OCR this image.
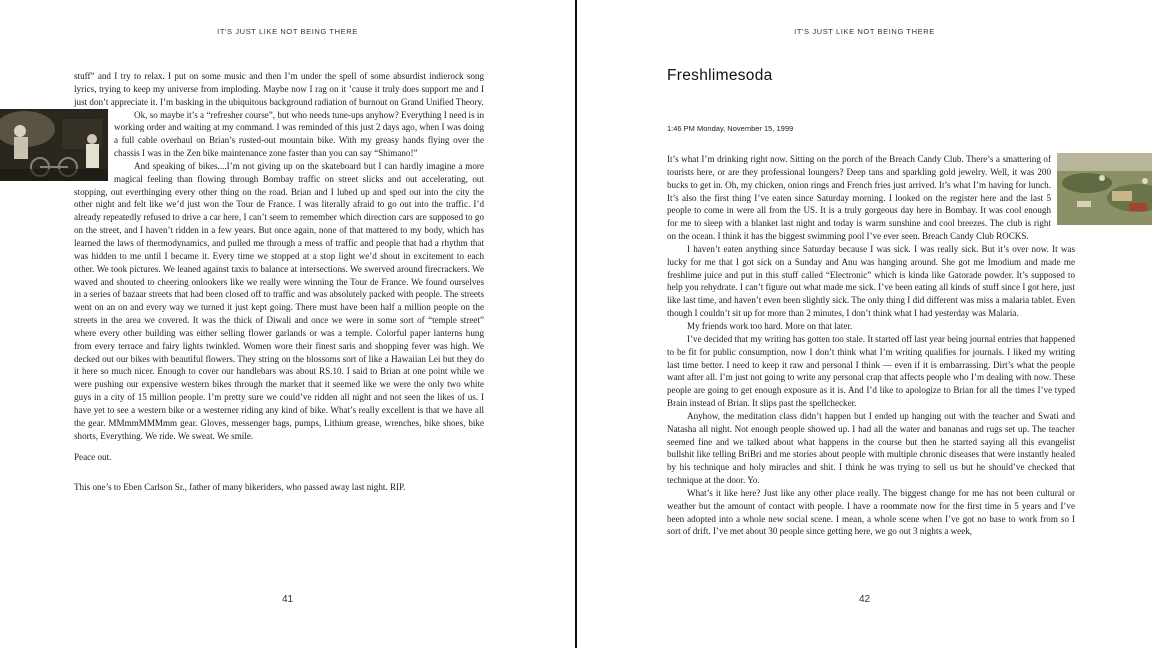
IT'S JUST LIKE NOT BEING THERE

stuff” and I try to relax. I put on some music and then I’m under the spell of some absurdist indierock song lyrics, trying to keep my universe from imploding. Maybe now I rag on it ’cause it truly does support me and I just don’t appreciate it. I’m basking in the ubiquitous background radiation of burnout on Grand Unified Theory.

Ok, so maybe it’s a “refresher course”, but who needs tune-ups anyhow? Everything I need is in working order and waiting at my command. I was reminded of this just 2 days ago, when I was doing a full cable overhaul on Brian’s rusted-out mountain bike. With my greasy hands flying over the chassis I was in the Zen bike maintenance zone faster than you can say “Shimano!”

And speaking of bikes....I’m not giving up on the skateboard but I can hardly imagine a more magical feeling than flowing through Bombay traffic on street slicks and out accelerating, out stopping, out everthinging every other thing on the road. Brian and I lubed up and sped out into the city the other night and felt like we’d just won the Tour de France. I was literally afraid to go out into the traffic. I’d already repeatedly refused to drive a car here, I can’t seem to remember which direction cars are supposed to go on the street, and I haven’t ridden in a few years. But once again, none of that mattered to my body, which has learned the laws of thermodynamics, and pulled me through a mess of traffic and people that had a rhythm that was hidden to me until I became it. Every time we stopped at a stop light we’d shout in excitement to each other. We took pictures. We leaned against taxis to balance at intersections. We swerved around firecrackers. We waved and shouted to cheering onlookers like we really were winning the Tour de France. We found ourselves in a series of bazaar streets that had been closed off to traffic and was absolutely packed with people. The streets went on an on and every way we turned it just kept going. There must have been half a million people on the streets in the area we covered. It was the thick of Diwali and once we were in some sort of “temple street” where every other building was either selling flower garlands or was a temple. Colorful paper lanterns hung from every terrace and fairy lights twinkled. Women wore their finest saris and shopping fever was high. We decked out our bikes with beautiful flowers. They string on the blossoms sort of like a Hawaiian Lei but they do it here so much nicer. Enough to cover our handlebars was about RS.10. I said to Brian at one point while we were pushing our expensive western bikes through the market that it seemed like we were the only two white guys in a city of 15 million people. I’m pretty sure we could’ve ridden all night and not seen the likes of us. I have yet to see a western bike or a westerner riding any kind of bike. What’s really excellent is that we have all the gear. MMmmMMMmm gear. Gloves, messenger bags, pumps, Lithium grease, wrenches, bike shoes, bike shorts, Everything. We ride. We sweat. We smile.

Peace out.

This one’s to Eben Carlson Sr., father of many bikeriders, who passed away last night. RIP.

41
IT'S JUST LIKE NOT BEING THERE
Freshlimesoda
1:46 PM Monday, November 15, 1999

It’s what I’m drinking right now. Sitting on the porch of the Breach Candy Club. There’s a smattering of tourists here, or are they professional loungers? Deep tans and sparkling gold jewelry. Well, it was 200 bucks to get in. Oh, my chicken, onion rings and French fries just arrived. It’s what I’m having for lunch. It’s also the first thing I’ve eaten since Saturday morning. I looked on the register here and the last 5 people to come in were all from the US. It is a truly gorgeous day here in Bombay. It was cool enough for me to sleep with a blanket last night and today is warm sunshine and cool breezes. The club is right on the ocean. I think it has the biggest swimming pool I’ve ever seen. Breach Candy Club ROCKS.

I haven’t eaten anything since Saturday because I was sick. I was really sick. But it’s over now. It was lucky for me that I got sick on a Sunday and Anu was hanging around. She got me Imodium and made me freshlime juice and put in this stuff called “Electronic” which is kinda like Gatorade powder. It’s supposed to help you rehydrate. I can’t figure out what made me sick. I’ve been eating all kinds of stuff since I got here, just like last time, and haven’t even been slightly sick. The only thing I did different was miss a malaria tablet. Even though I couldn’t sit up for more than 2 minutes, I don’t think what I had yesterday was Malaria.

My friends work too hard. More on that later.

I’ve decided that my writing has gotten too stale. It started off last year being journal entries that happened to be fit for public consumption, now I don’t think what I’m writing qualifies for journals. I liked my writing last time better. I need to keep it raw and personal I think — even if it is embarrassing. Dirt’s what the people want after all. I’m just not going to write any personal crap that affects people who I’m dealing with now. These people are going to get enough exposure as it is. And I’d like to apologize to Brian for all the times I’ve typed Brain instead of Brian. It slips past the spellchecker.

Anyhow, the meditation class didn’t happen but I ended up hanging out with the teacher and Swati and Natasha all night. Not enough people showed up. I had all the water and bananas and rugs set up. The teacher seemed fine and we talked about what happens in the course but then he started saying all this evangelist bullshit like telling BriBri and me stories about people with multiple chronic diseases that were instantly healed by his technique and holy miracles and shit. I think he was trying to sell us but he should’ve checked that technique at the door. Yo.

What’s it like here? Just like any other place really. The biggest change for me has not been cultural or weather but the amount of contact with people. I have a roommate now for the first time in 5 years and I’ve been adopted into a whole new social scene. I mean, a whole scene when I’ve got no base to work from so I sort of drift. I’ve met about 30 people since getting here, we go out 3 nights a week,

42
